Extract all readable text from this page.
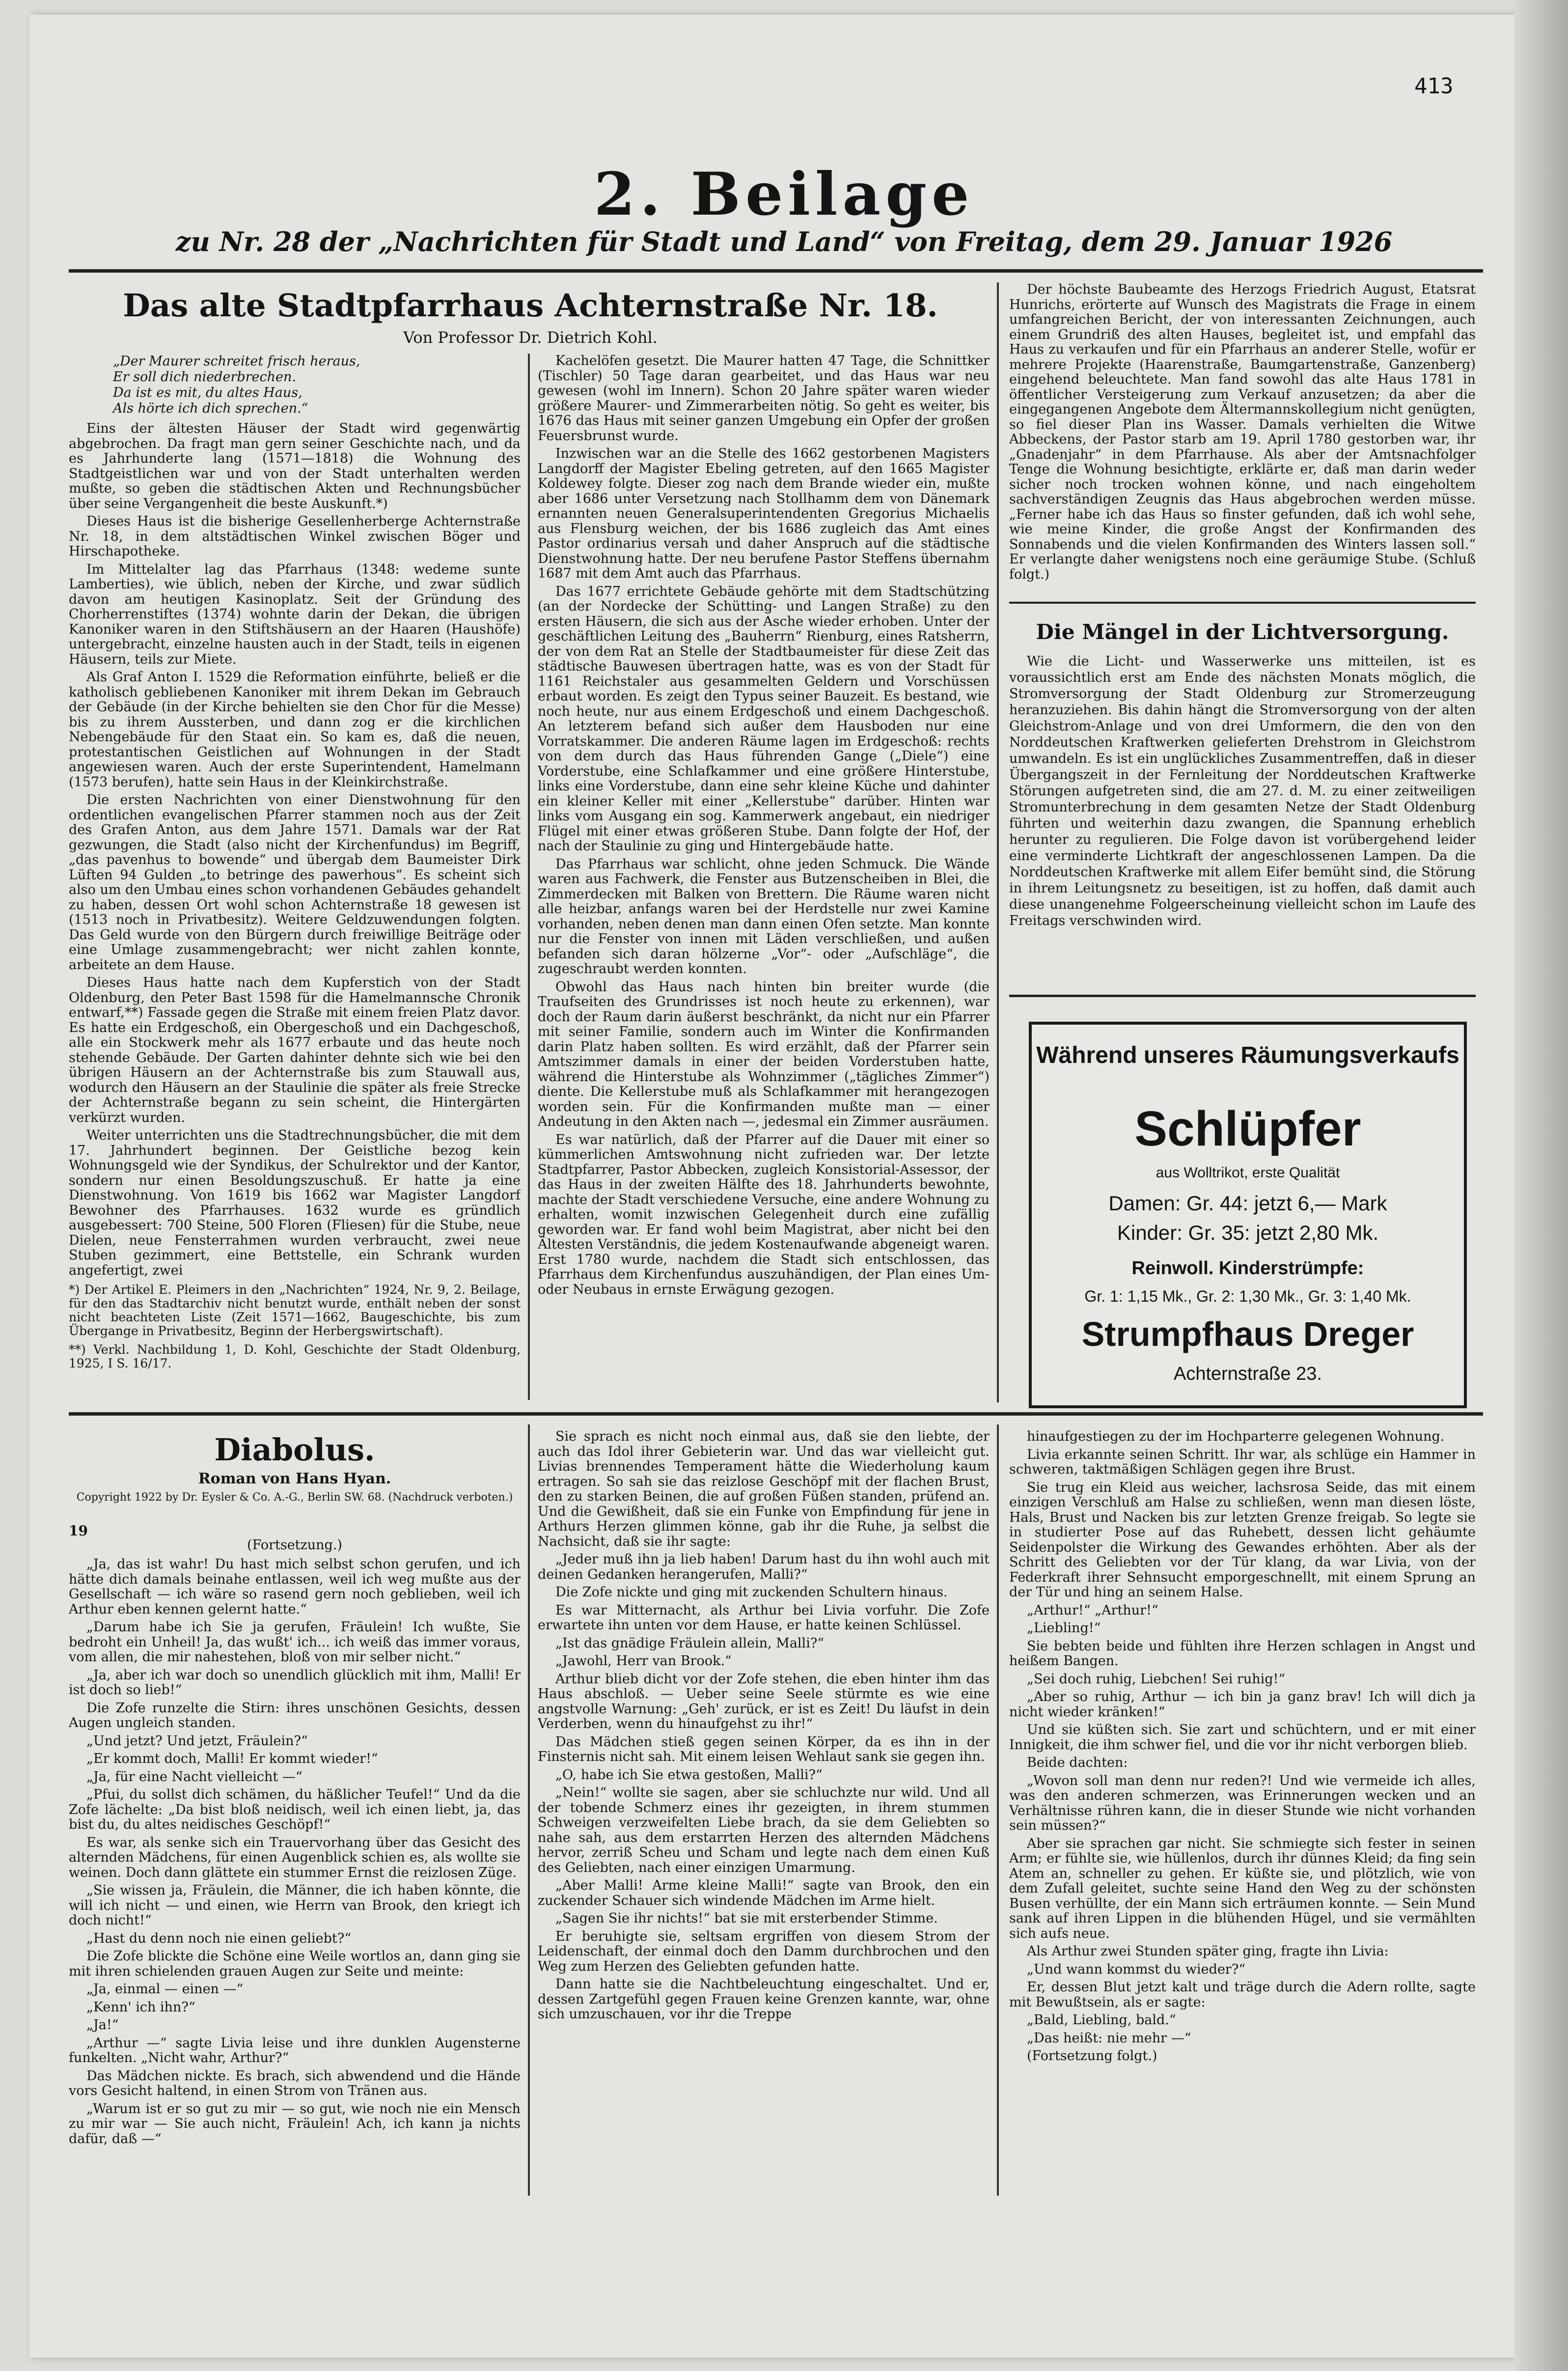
413
2. Beilage
zu Nr. 28 der „Nachrichten für Stadt und Land“ von Freitag, dem 29. Januar 1926
Das alte Stadtpfarrhaus Achternstraße Nr. 18.
Von Professor Dr. Dietrich Kohl.
„Der Maurer schreitet frisch heraus,
Er soll dich niederbrechen.
Da ist es mit, du altes Haus,
Als hörte ich dich sprechen.“

Eins der ältesten Häuser der Stadt wird gegenwärtig abgebrochen. Da fragt man gern seiner Geschichte nach, und da es Jahrhunderte lang (1571—1818) die Wohnung des Stadtgeistlichen war und von der Stadt unterhalten werden mußte, so geben die städtischen Akten und Rechnungsbücher über seine Vergangenheit die beste Auskunft.*)

Dieses Haus ist die bisherige Gesellenherberge Achternstraße Nr. 18, in dem altstädtischen Winkel zwischen Böger und Hirschapotheke.

Im Mittelalter lag das Pfarrhaus (1348: wedeme sunte Lamberties), wie üblich, neben der Kirche, und zwar südlich davon am heutigen Kasinoplatz. Seit der Gründung des Chorherrenstiftes (1374) wohnte darin der Dekan, die übrigen Kanoniker waren in den Stiftshäusern an der Haaren (Haushöfe) untergebracht, einzelne hausten auch in der Stadt, teils in eigenen Häusern, teils zur Miete.

Als Graf Anton I. 1529 die Reformation einführte, beließ er die katholisch gebliebenen Kanoniker mit ihrem Dekan im Gebrauch der Gebäude (in der Kirche behielten sie den Chor für die Messe) bis zu ihrem Aussterben, und dann zog er die kirchlichen Nebengebäude für den Staat ein. So kam es, daß die neuen, protestantischen Geistlichen auf Wohnungen in der Stadt angewiesen waren. Auch der erste Superintendent, Hamelmann (1573 berufen), hatte sein Haus in der Kleinkirchstraße.

Die ersten Nachrichten von einer Dienstwohnung für den ordentlichen evangelischen Pfarrer stammen noch aus der Zeit des Grafen Anton, aus dem Jahre 1571. Damals war der Rat gezwungen, die Stadt (also nicht der Kirchenfundus) im Begriff, „das pavenhus to bowende“ und übergab dem Baumeister Dirk Lüften 94 Gulden „to betringe des pawerhous“. Es scheint sich also um den Umbau eines schon vorhandenen Gebäudes gehandelt zu haben, dessen Ort wohl schon Achternstraße 18 gewesen ist (1513 noch in Privatbesitz). Weitere Geldzuwendungen folgten. Das Geld wurde von den Bürgern durch freiwillige Beiträge oder eine Umlage zusammengebracht; wer nicht zahlen konnte, arbeitete an dem Hause.

Dieses Haus hatte nach dem Kupferstich von der Stadt Oldenburg, den Peter Bast 1598 für die Hamelmannsche Chronik entwarf,**) Fassade gegen die Straße mit einem freien Platz davor. Es hatte ein Erdgeschoß, ein Obergeschoß und ein Dachgeschoß, alle ein Stockwerk mehr als 1677 erbaute und das heute noch stehende Gebäude. Der Garten dahinter dehnte sich wie bei den übrigen Häusern an der Achternstraße bis zum Stauwall aus, wodurch den Häusern an der Staulinie die später als freie Strecke der Achternstraße begann zu sein scheint, die Hintergärten verkürzt wurden.

Weiter unterrichten uns die Stadtrechnungsbücher, die mit dem 17. Jahrhundert beginnen. Der Geistliche bezog kein Wohnungsgeld wie der Syndikus, der Schulrektor und der Kantor, sondern nur einen Besoldungszuschuß. Er hatte ja eine Dienstwohnung. Von 1619 bis 1662 war Magister Langdorf Bewohner des Pfarrhauses. 1632 wurde es gründlich ausgebessert: 700 Steine, 500 Floren (Fliesen) für die Stube, neue Dielen, neue Fensterrahmen wurden verbraucht, zwei neue Stuben gezimmert, eine Bettstelle, ein Schrank wurden angefertigt, zwei

*) Der Artikel E. Pleimers in den „Nachrichten“ 1924, Nr. 9, 2. Beilage, für den das Stadtarchiv nicht benutzt wurde, enthält neben der sonst nicht beachteten Liste (Zeit 1571—1662, Baugeschichte, bis zum Übergange in Privatbesitz, Beginn der Herbergswirtschaft).
**) Verkl. Nachbildung 1, D. Kohl, Geschichte der Stadt Oldenburg, 1925, I S. 16/17.

Kachelöfen gesetzt. Die Maurer hatten 47 Tage, die Schnittker (Tischler) 50 Tage daran gearbeitet, und das Haus war neu gewesen (wohl im Innern). Schon 20 Jahre später waren wieder größere Maurer- und Zimmerarbeiten nötig. So geht es weiter, bis 1676 das Haus mit seiner ganzen Umgebung ein Opfer der großen Feuersbrunst wurde.

Inzwischen war an die Stelle des 1662 gestorbenen Magisters Langdorff der Magister Ebeling getreten, auf den 1665 Magister Koldewey folgte. Dieser zog nach dem Brande wieder ein, mußte aber 1686 unter Versetzung nach Stollhamm dem von Dänemark ernannten neuen Generalsuperintendenten Gregorius Michaelis aus Flensburg weichen, der bis 1686 zugleich das Amt eines Pastor ordinarius versah und daher Anspruch auf die städtische Dienstwohnung hatte. Der neu berufene Pastor Steffens übernahm 1687 mit dem Amt auch das Pfarrhaus.

Das 1677 errichtete Gebäude gehörte mit dem Stadtschützing (an der Nordecke der Schütting- und Langen Straße) zu den ersten Häusern, die sich aus der Asche wieder erhoben. Unter der geschäftlichen Leitung des „Bauherrn“ Rienburg, eines Ratsherrn, der von dem Rat an Stelle der Stadtbaumeister für diese Zeit das städtische Bauwesen übertragen hatte, was es von der Stadt für 1161 Reichstaler aus gesammelten Geldern und Vorschüssen erbaut worden. Es zeigt den Typus seiner Bauzeit. Es bestand, wie noch heute, nur aus einem Erdgeschoß und einem Dachgeschoß. An letzterem befand sich außer dem Hausboden nur eine Vorratskammer. Die anderen Räume lagen im Erdgeschoß: rechts von dem durch das Haus führenden Gange („Diele“) eine Vorderstube, eine Schlafkammer und eine größere Hinterstube, links eine Vorderstube, dann eine sehr kleine Küche und dahinter ein kleiner Keller mit einer „Kellerstube“ darüber. Hinten war links vom Ausgang ein sog. Kammerwerk angebaut, ein niedriger Flügel mit einer etwas größeren Stube. Dann folgte der Hof, der nach der Staulinie zu ging und Hintergebäude hatte.

Das Pfarrhaus war schlicht, ohne jeden Schmuck. Die Wände waren aus Fachwerk, die Fenster aus Butzenscheiben in Blei, die Zimmerdecken mit Balken von Brettern. Die Räume waren nicht alle heizbar, anfangs waren bei der Herdstelle nur zwei Kamine vorhanden, neben denen man dann einen Ofen setzte. Man konnte nur die Fenster von innen mit Läden verschließen, und außen befanden sich daran hölzerne „Vor“- oder „Aufschläge“, die zugeschraubt werden konnten.

Obwohl das Haus nach hinten bin breiter wurde (die Traufseiten des Grundrisses ist noch heute zu erkennen), war doch der Raum darin äußerst beschränkt, da nicht nur ein Pfarrer mit seiner Familie, sondern auch im Winter die Konfirmanden darin Platz haben sollten. Es wird erzählt, daß der Pfarrer sein Amtszimmer damals in einer der beiden Vorderstuben hatte, während die Hinterstube als Wohnzimmer („tägliches Zimmer“) diente. Die Kellerstube muß als Schlafkammer mit herangezogen worden sein. Für die Konfirmanden mußte man — einer Andeutung in den Akten nach —, jedesmal ein Zimmer ausräumen.

Es war natürlich, daß der Pfarrer auf die Dauer mit einer so kümmerlichen Amtswohnung nicht zufrieden war. Der letzte Stadtpfarrer, Pastor Abbecken, zugleich Konsistorial-Assessor, der das Haus in der zweiten Hälfte des 18. Jahrhunderts bewohnte, machte der Stadt verschiedene Versuche, eine andere Wohnung zu erhalten, womit inzwischen Gelegenheit durch eine zufällig geworden war. Er fand wohl beim Magistrat, aber nicht bei den Ältesten Verständnis, die jedem Kostenaufwande abgeneigt waren. Erst 1780 wurde, nachdem die Stadt sich entschlossen, das Pfarrhaus dem Kirchenfundus auszuhändigen, der Plan eines Um- oder Neubaus in ernste Erwägung gezogen.

Der höchste Baubeamte des Herzogs Friedrich August, Etatsrat Hunrichs, erörterte auf Wunsch des Magistrats die Frage in einem umfangreichen Bericht, der von interessanten Zeichnungen, auch einem Grundriß des alten Hauses, begleitet ist, und empfahl das Haus zu verkaufen und für ein Pfarrhaus an anderer Stelle, wofür er mehrere Projekte (Haarenstraße, Baumgartenstraße, Ganzenberg) eingehend beleuchtete. Man fand sowohl das alte Haus 1781 in öffentlicher Versteigerung zum Verkauf anzusetzen; da aber die eingegangenen Angebote dem Ältermannskollegium nicht genügten, so fiel dieser Plan ins Wasser. Damals verhielten die Witwe Abbeckens, der Pastor starb am 19. April 1780 gestorben war, ihr „Gnadenjahr“ in dem Pfarrhause. Als aber der Amtsnachfolger Tenge die Wohnung besichtigte, erklärte er, daß man darin weder sicher noch trocken wohnen könne, und nach eingeholtem sachverständigen Zeugnis das Haus abgebrochen werden müsse. „Ferner habe ich das Haus so finster gefunden, daß ich wohl sehe, wie meine Kinder, die große Angst der Konfirmanden des Sonnabends und die vielen Konfirmanden des Winters lassen soll.“ Er verlangte daher wenigstens noch eine geräumige Stube. (Schluß folgt.)

Die Mängel in der Lichtversorgung.

Wie die Licht- und Wasserwerke uns mitteilen, ist es voraussichtlich erst am Ende des nächsten Monats möglich, die Stromversorgung der Stadt Oldenburg zur Stromerzeugung heranzuziehen. Bis dahin hängt die Stromversorgung von der alten Gleichstrom-Anlage und von drei Umformern, die den von den Norddeutschen Kraftwerken gelieferten Drehstrom in Gleichstrom umwandeln. Es ist ein unglückliches Zusammentreffen, daß in dieser Übergangszeit in der Fernleitung der Norddeutschen Kraftwerke Störungen aufgetreten sind, die am 27. d. M. zu einer zeitweiligen Stromunterbrechung in dem gesamten Netze der Stadt Oldenburg führten und weiterhin dazu zwangen, die Spannung erheblich herunter zu regulieren. Die Folge davon ist vorübergehend leider eine verminderte Lichtkraft der angeschlossenen Lampen. Da die Norddeutschen Kraftwerke mit allem Eifer bemüht sind, die Störung in ihrem Leitungsnetz zu beseitigen, ist zu hoffen, daß damit auch diese unangenehme Folgeerscheinung vielleicht schon im Laufe des Freitags verschwinden wird.

Während unseres Räumungsverkaufs
Schlüpfer
aus Wolltrikot, erste Qualität
Damen: Gr. 44: jetzt 6,— Mark
Kinder: Gr. 35: jetzt 2,80 Mk.
Reinwoll. Kinderstrümpfe:
Gr. 1: 1,15 Mk., Gr. 2: 1,30 Mk., Gr. 3: 1,40 Mk.
Strumpfhaus Dreger
Achternstraße 23.
Diabolus.
Roman von Hans Hyan.
Copyright 1922 by Dr. Eysler & Co. A.-G., Berlin SW. 68. (Nachdruck verboten.)
19
(Fortsetzung.)

„Ja, das ist wahr! Du hast mich selbst schon gerufen, und ich hätte dich damals beinahe entlassen, weil ich weg mußte aus der Gesellschaft — ich wäre so rasend gern noch geblieben, weil ich Arthur eben kennen gelernt hatte.“

„Darum habe ich Sie ja gerufen, Fräulein! Ich wußte, Sie bedroht ein Unheil! Ja, das wußt' ich... ich weiß das immer voraus, vom allen, die mir nahestehen, bloß von mir selber nicht.“

„Ja, aber ich war doch so unendlich glücklich mit ihm, Malli! Er ist doch so lieb!“

Die Zofe runzelte die Stirn: ihres unschönen Gesichts, dessen Augen ungleich standen.

„Und jetzt? Und jetzt, Fräulein?“

„Er kommt doch, Malli! Er kommt wieder!“

„Ja, für eine Nacht vielleicht —“

„Pfui, du sollst dich schämen, du häßlicher Teufel!“ Und da die Zofe lächelte: „Da bist bloß neidisch, weil ich einen liebt, ja, das bist du, du altes neidisches Geschöpf!“

Es war, als senke sich ein Trauervorhang über das Gesicht des alternden Mädchens, für einen Augenblick schien es, als wollte sie weinen. Doch dann glättete ein stummer Ernst die reizlosen Züge.

„Sie wissen ja, Fräulein, die Männer, die ich haben könnte, die will ich nicht — und einen, wie Herrn van Brook, den kriegt ich doch nicht!“

„Hast du denn noch nie einen geliebt?“

Die Zofe blickte die Schöne eine Weile wortlos an, dann ging sie mit ihren schielenden grauen Augen zur Seite und meinte:

„Ja, einmal — einen —“

„Kenn' ich ihn?“

„Ja!“

„Arthur —“ sagte Livia leise und ihre dunklen Augensterne funkelten. „Nicht wahr, Arthur?“

Das Mädchen nickte. Es brach, sich abwendend und die Hände vors Gesicht haltend, in einen Strom von Tränen aus.

„Warum ist er so gut zu mir — so gut, wie noch nie ein Mensch zu mir war — Sie auch nicht, Fräulein! Ach, ich kann ja nichts dafür, daß —“

Sie sprach es nicht noch einmal aus, daß sie den liebte, der auch das Idol ihrer Gebieterin war. Und das war vielleicht gut. Livias brennendes Temperament hätte die Wiederholung kaum ertragen. So sah sie das reizlose Geschöpf mit der flachen Brust, den zu starken Beinen, die auf großen Füßen standen, prüfend an. Und die Gewißheit, daß sie ein Funke von Empfindung für jene in Arthurs Herzen glimmen könne, gab ihr die Ruhe, ja selbst die Nachsicht, daß sie ihr sagte:

„Jeder muß ihn ja lieb haben! Darum hast du ihn wohl auch mit deinen Gedanken herangerufen, Malli?“

Die Zofe nickte und ging mit zuckenden Schultern hinaus.

Es war Mitternacht, als Arthur bei Livia vorfuhr. Die Zofe erwartete ihn unten vor dem Hause, er hatte keinen Schlüssel.

„Ist das gnädige Fräulein allein, Malli?“

„Jawohl, Herr van Brook.“

Arthur blieb dicht vor der Zofe stehen, die eben hinter ihm das Haus abschloß. — Ueber seine Seele stürmte es wie eine angstvolle Warnung: „Geh' zurück, er ist es Zeit! Du läufst in dein Verderben, wenn du hinaufgehst zu ihr!“

Das Mädchen stieß gegen seinen Körper, da es ihn in der Finsternis nicht sah. Mit einem leisen Wehlaut sank sie gegen ihn.

„O, habe ich Sie etwa gestoßen, Malli?“

„Nein!“ wollte sie sagen, aber sie schluchzte nur wild. Und all der tobende Schmerz eines ihr gezeigten, in ihrem stummen Schweigen verzweifelten Liebe brach, da sie dem Geliebten so nahe sah, aus dem erstarrten Herzen des alternden Mädchens hervor, zerriß Scheu und Scham und legte nach dem einen Kuß des Geliebten, nach einer einzigen Umarmung.

„Aber Malli! Arme kleine Malli!“ sagte van Brook, den ein zuckender Schauer sich windende Mädchen im Arme hielt.

„Sagen Sie ihr nichts!“ bat sie mit ersterbender Stimme.

Er beruhigte sie, seltsam ergriffen von diesem Strom der Leidenschaft, der einmal doch den Damm durchbrochen und den Weg zum Herzen des Geliebten gefunden hatte.

Dann hatte sie die Nachtbeleuchtung eingeschaltet. Und er, dessen Zartgefühl gegen Frauen keine Grenzen kannte, war, ohne sich umzuschauen, vor ihr die Treppe

hinaufgestiegen zu der im Hochparterre gelegenen Wohnung.

Livia erkannte seinen Schritt. Ihr war, als schlüge ein Hammer in schweren, taktmäßigen Schlägen gegen ihre Brust.

Sie trug ein Kleid aus weicher, lachsrosa Seide, das mit einem einzigen Verschluß am Halse zu schließen, wenn man diesen löste, Hals, Brust und Nacken bis zur letzten Grenze freigab. So legte sie in studierter Pose auf das Ruhebett, dessen licht gehäumte Seidenpolster die Wirkung des Gewandes erhöhten. Aber als der Schritt des Geliebten vor der Tür klang, da war Livia, von der Federkraft ihrer Sehnsucht emporgeschnellt, mit einem Sprung an der Tür und hing an seinem Halse.

„Arthur!“ „Arthur!“

„Liebling!“

Sie bebten beide und fühlten ihre Herzen schlagen in Angst und heißem Bangen.

„Sei doch ruhig, Liebchen! Sei ruhig!“

„Aber so ruhig, Arthur — ich bin ja ganz brav! Ich will dich ja nicht wieder kränken!“

Und sie küßten sich. Sie zart und schüchtern, und er mit einer Innigkeit, die ihm schwer fiel, und die vor ihr nicht verborgen blieb.

Beide dachten:

„Wovon soll man denn nur reden?! Und wie vermeide ich alles, was den anderen schmerzen, was Erinnerungen wecken und an Verhältnisse rühren kann, die in dieser Stunde wie nicht vorhanden sein müssen?“

Aber sie sprachen gar nicht. Sie schmiegte sich fester in seinen Arm; er fühlte sie, wie hüllenlos, durch ihr dünnes Kleid; da fing sein Atem an, schneller zu gehen. Er küßte sie, und plötzlich, wie von dem Zufall geleitet, suchte seine Hand den Weg zu der schönsten Busen verhüllte, der ein Mann sich erträumen konnte. — Sein Mund sank auf ihren Lippen in die blühenden Hügel, und sie vermählten sich aufs neue.

Als Arthur zwei Stunden später ging, fragte ihn Livia:

„Und wann kommst du wieder?“

Er, dessen Blut jetzt kalt und träge durch die Adern rollte, sagte mit Bewußtsein, als er sagte:

„Bald, Liebling, bald.“

„Das heißt: nie mehr —“

(Fortsetzung folgt.)
